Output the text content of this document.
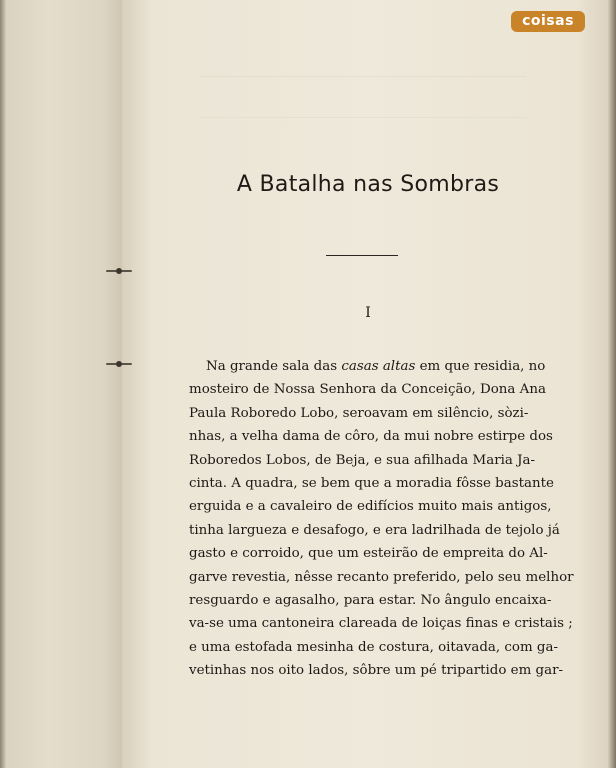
coisas
A Batalha nas Sombras
I
Na grande sala das casas altas em que residia, no
mosteiro de Nossa Senhora da Conceição, Dona Ana
Paula Roboredo Lobo, seroavam em silêncio, sòzi-
nhas, a velha dama de côro, da mui nobre estirpe dos
Roboredos Lobos, de Beja, e sua afilhada Maria Ja-
cinta. A quadra, se bem que a moradia fôsse bastante
erguida e a cavaleiro de edifícios muito mais antigos,
tinha largueza e desafogo, e era ladrilhada de tejolo já
gasto e corroido, que um esteirão de empreita do Al-
garve revestia, nêsse recanto preferido, pelo seu melhor
resguardo e agasalho, para estar. No ângulo encaixa-
va-se uma cantoneira clareada de loiças finas e cristais ;
e uma estofada mesinha de costura, oitavada, com ga-
vetinhas nos oito lados, sôbre um pé tripartido em gar-
